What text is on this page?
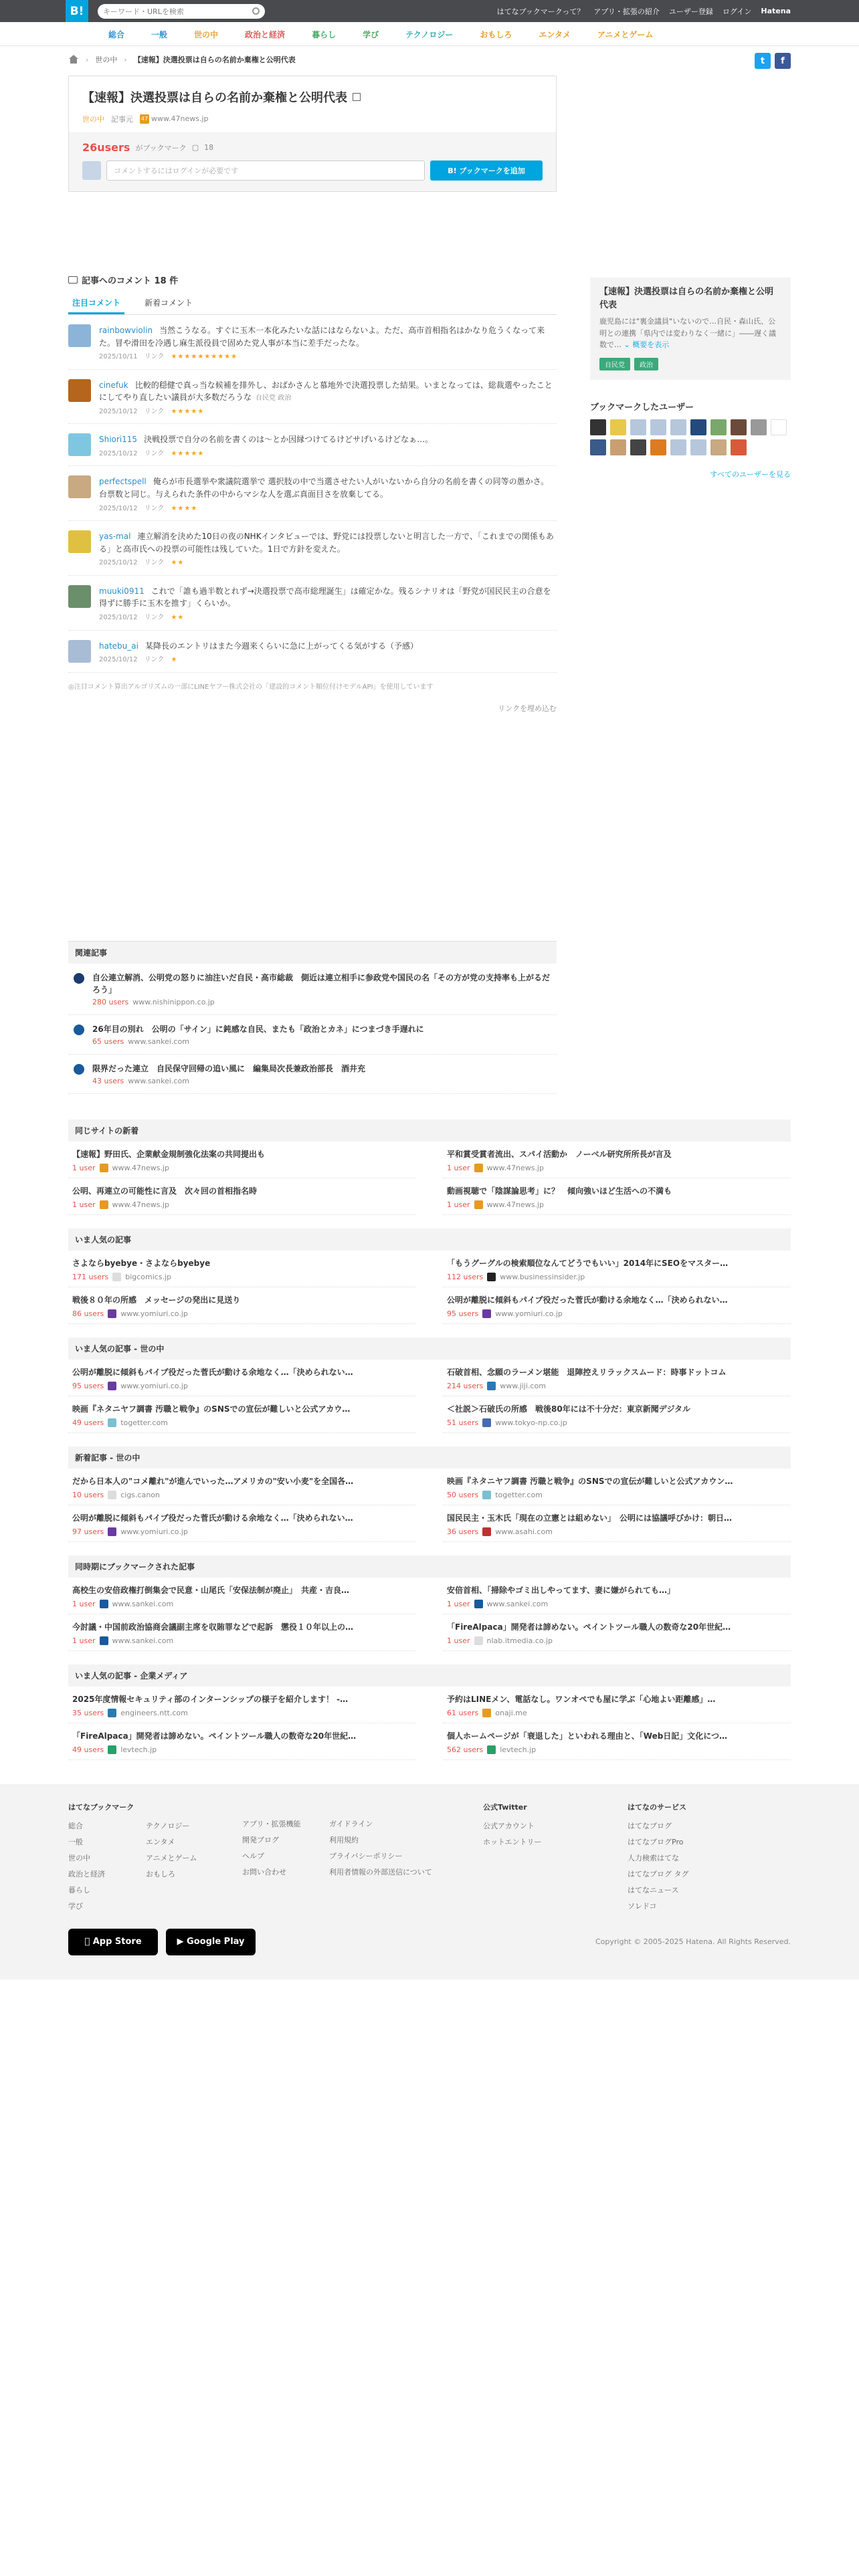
B!	キーワード・URLを検索	はてなブックマークって？ アプリ・拡張の紹介 ユーザー登録 ログイン Hatena
総合	一般	世の中	政治と経済	暮らし	学び	テクノロジー	おもしろ	エンタメ	アニメとゲーム
› 世の中 › 【速報】決選投票は自らの名前か棄権と公明代表	t	f
【速報】決選投票は自らの名前か棄権と公明代表
世の中 記事元 47 www.47news.jp
26users がブックマーク ▢ 18
コメントするにはログインが必要です	B! ブックマークを追加
記事へのコメント 18 件
注目コメント	新着コメント
rainbowviolin 当然こうなる。すぐに玉木一本化みたいな話にはならないよ。ただ、高市首相指名はかなり危うくなって来た。冒や滑田を冷遇し麻生派役員で固めた党人事が本当に差手だったな。
2025/10/11 リンク ★★★★★★★★★★
cinefuk 比較的穏健で真っ当な候補を排外し、おばかさんと慕地外で決選投票した結果。いまとなっては、総裁選やったことにしてやり直したい議員が大多数だろうな 自民党 政治
2025/10/12 リンク ★★★★★
Shiori115 決戦投票で自分の名前を書くのは〜とか因縁つけてるけどサげいるけどなぁ…。
2025/10/12 リンク ★★★★★
perfectspell 俺らが市長選挙や衆議院選挙で 選択肢の中で当選させたい人がいないから自分の名前を書くの同等の愚かさ。台票数と同じ。与えられた条件の中からマシな人を選ぶ真面目さを放棄してる。
2025/10/12 リンク ★★★★
yas-mal 連立解消を決めた10日の夜のNHKインタビューでは、野党には投票しないと明言した一方で、「これまでの関係もある」と高市氏への投票の可能性は残していた。1日で方針を変えた。
2025/10/12 リンク ★★
muuki0911 これで「誰も過半数とれず→決選投票で高市総理誕生」は確定かな。残るシナリオは「野党が国民民主の合意を得ずに勝手に玉木を推す」くらいか。
2025/10/12 リンク ★★
hatebu_ai 某降長のエントリはまた今週来くらいに急に上がってくる気がする（予感）
2025/10/12 リンク ★
◎注目コメント算出アルゴリズムの一部にLINEヤフー株式会社の「建設的コメント順位付けモデルAPI」を使用しています
リンクを埋め込む
関連記事
自公連立解消、公明党の怒りに油注いだ自民・高市総裁　側近は連立相手に参政党や国民の名「その方が党の支持率も上がるだろう」
280 users www.nishinippon.co.jp
26年目の別れ　公明の「サイン」に鈍感な自民、またも「政治とカネ」につまづき手遅れに
65 users www.sankei.com
限界だった連立　自民保守回帰の追い風に　編集局次長兼政治部長　酒井充
43 users www.sankei.com
【速報】決選投票は自らの名前か棄権と公明代表

鹿児島には"裏金議員"いないので…自民・森山氏、公明との連携「県内では変わりなく一緒に」――遅く議数で… ⌄ 概要を表示

自民党	政治
ブックマークしたユーザー
すべてのユーザーを見る
同じサイトの新着
【速報】野田氏、企業献金規制強化法案の共同提出も
1 user www.47news.jp
平和賞受賞者流出、スパイ活動か　ノーベル研究所所長が言及
1 user www.47news.jp
公明、再連立の可能性に言及　次々回の首相指名時
1 user www.47news.jp
動画視聴で「陰謀論思考」に？　傾向強いほど生活への不満も
1 user www.47news.jp
いま人気の記事
さよならbyebye・さよならbyebye
171 users bigcomics.jp
「もうグーグルの検索順位なんてどうでもいい」2014年にSEOをマスター…
112 users www.businessinsider.jp
戦後８０年の所感　メッセージの発出に見送り
86 users www.yomiuri.co.jp
公明が離脱に傾斜もパイプ役だった菅氏が動ける余地なく…「決められない…
95 users www.yomiuri.co.jp
いま人気の記事 - 世の中
公明が離脱に傾斜もパイプ役だった菅氏が動ける余地なく…「決められない…
95 users www.yomiuri.co.jp
石破首相、念願のラーメン堪能　退陣控えリラックスムード：時事ドットコム
214 users www.jiji.com
映画『ネタニヤフ調書 汚職と戦争』のSNSでの宣伝が難しいと公式アカウ…
49 users togetter.com
＜社説＞石破氏の所感　戦後80年には不十分だ：東京新聞デジタル
51 users www.tokyo-np.co.jp
新着記事 - 世の中
だから日本人の"コメ離れ"が進んでいった…アメリカの"安い小麦"を全国各…
10 users cigs.canon
映画『ネタニヤフ調書 汚職と戦争』のSNSでの宣伝が難しいと公式アカウン…
50 users togetter.com
公明が離脱に傾斜もパイプ役だった菅氏が動ける余地なく…「決められない…
97 users www.yomiuri.co.jp
国民民主・玉木氏「現在の立憲とは組めない」　公明には協議呼びかけ：朝日…
36 users www.asahi.com
同時期にブックマークされた記事
高校生の安倍政権打倒集会で民意・山尾氏「安保法制が廃止」　共産・吉良…
1 user www.sankei.com
安倍首相、「掃除やゴミ出しやってます、妻に嫌がられても…」
1 user www.sankei.com
今討議・中国前政治協商会議副主席を収賄罪などで起訴　懲役１０年以上の…
1 user www.sankei.com
「FireAlpaca」開発者は諦めない。ペイントツール職人の数奇な20年世紀…
1 user nlab.itmedia.co.jp
いま人気の記事 - 企業メディア
2025年度情報セキュリティ部のインターンシップの様子を紹介します！ -…
35 users engineers.ntt.com
予約はLINEメン、電話なし。ワンオペでも屋に学ぶ「心地よい距離感」…
61 users onaji.me
「FireAlpaca」開発者は諦めない。ペイントツール職人の数奇な20年世紀…
49 users levtech.jp
個人ホームページが「衰退した」といわれる理由と、「Web日記」文化につ…
562 users levtech.jp
はてなブックマーク
総合	テクノロジー
一般	エンタメ
世の中	アニメとゲーム
政治と経済	おもしろ
暮らし
学び

アプリ・拡張機能
開発ブログ
ヘルプ
お問い合わせ

ガイドライン
利用規約
プライバシーポリシー
利用者情報の外部送信について
公式Twitter
公式アカウント
ホットエントリー
はてなのサービス
はてなブログ
はてなブログPro
人力検索はてな
はてなブログ タグ
はてなニュース
ソレドコ

App Store	▶
Google Play	Copyright © 2005-2025 Hatena. All Rights Reserved.
